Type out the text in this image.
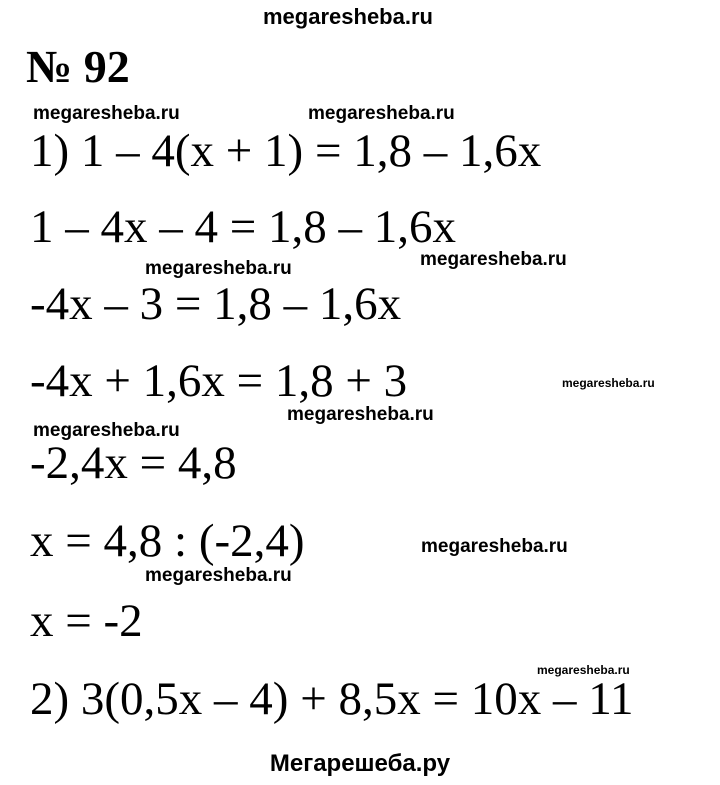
megaresheba.ru
№ 92
megaresheba.ru	megaresheba.ru
1) 1 – 4(x + 1) = 1,8 – 1,6x
1 – 4x – 4 = 1,8 – 1,6x
megaresheba.ru	megaresheba.ru
-4x – 3 = 1,8 – 1,6x
-4x + 1,6x = 1,8 + 3	megaresheba.ru
megaresheba.ru
megaresheba.ru
-2,4x = 4,8
x = 4,8 : (-2,4)	megaresheba.ru
megaresheba.ru
x = -2
megaresheba.ru
2) 3(0,5x – 4) + 8,5x = 10x – 11
Мегарешеба.ру
